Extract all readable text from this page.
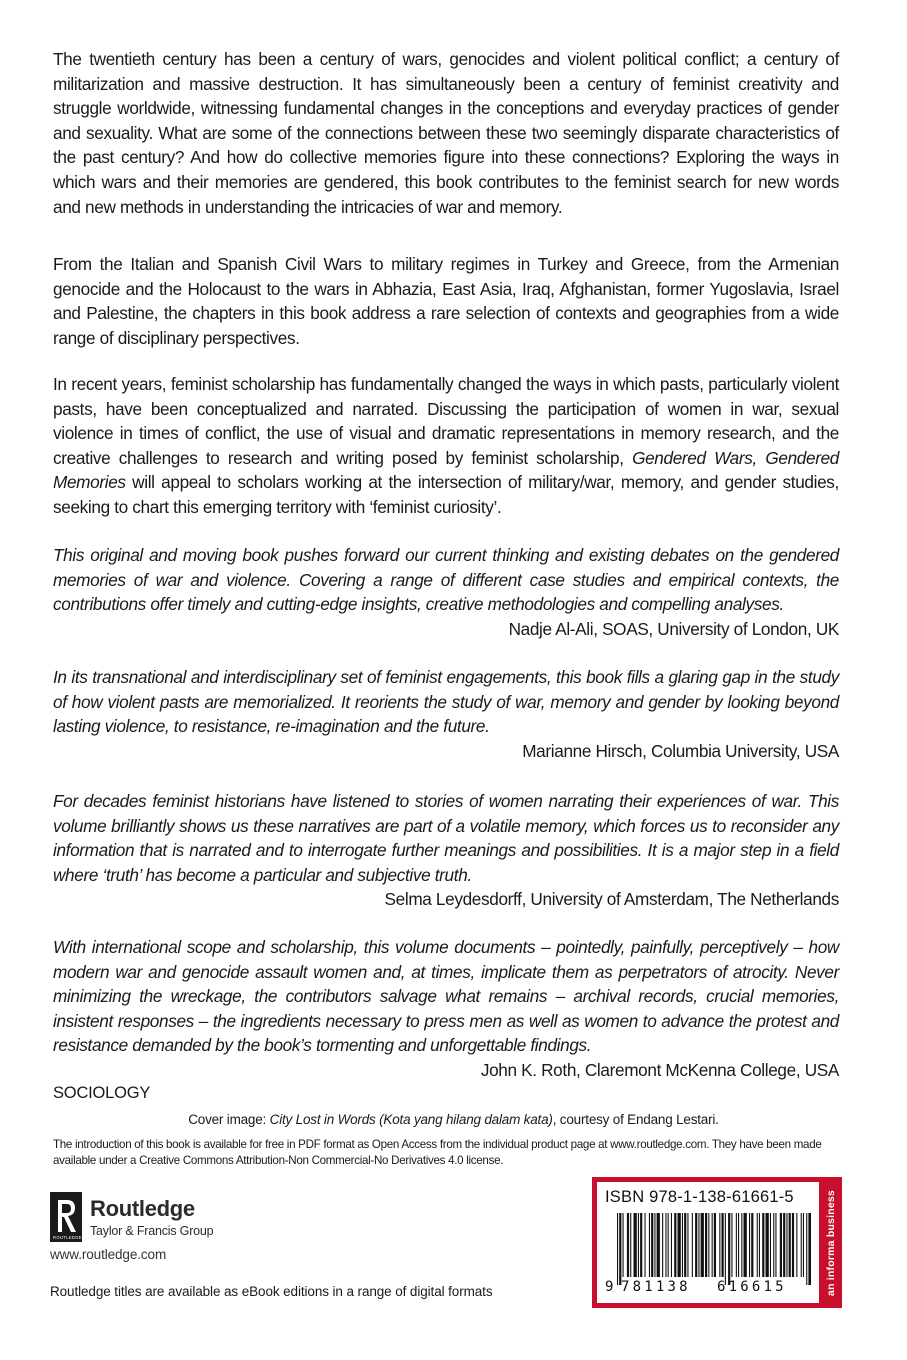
The twentieth century has been a century of wars, genocides and violent political conflict; a century of militarization and massive destruction. It has simultaneously been a century of feminist creativity and struggle worldwide, witnessing fundamental changes in the conceptions and everyday practices of gender and sexuality. What are some of the connections between these two seemingly disparate characteristics of the past century? And how do collective memories figure into these connections? Exploring the ways in which wars and their memories are gendered, this book contributes to the feminist search for new words and new methods in understanding the intricacies of war and memory.

From the Italian and Spanish Civil Wars to military regimes in Turkey and Greece, from the Armenian genocide and the Holocaust to the wars in Abhazia, East Asia, Iraq, Afghanistan, former Yugoslavia, Israel and Palestine, the chapters in this book address a rare selection of contexts and geographies from a wide range of disciplinary perspectives.

In recent years, feminist scholarship has fundamentally changed the ways in which pasts, particularly violent pasts, have been conceptualized and narrated. Discussing the participation of women in war, sexual violence in times of conflict, the use of visual and dramatic representations in memory research, and the creative challenges to research and writing posed by feminist scholarship, Gendered Wars, Gendered Memories will appeal to scholars working at the intersection of military/war, memory, and gender studies, seeking to chart this emerging territory with ‘feminist curiosity’.

This original and moving book pushes forward our current thinking and existing debates on the gendered memories of war and violence. Covering a range of different case studies and empirical contexts, the contributions offer timely and cutting-edge insights, creative methodologies and compelling analyses.

Nadje Al-Ali, SOAS, University of London, UK

In its transnational and interdisciplinary set of feminist engagements, this book fills a glaring gap in the study of how violent pasts are memorialized. It reorients the study of war, memory and gender by looking beyond lasting violence, to resistance, re-imagination and the future.

Marianne Hirsch, Columbia University, USA

For decades feminist historians have listened to stories of women narrating their experiences of war. This volume brilliantly shows us these narratives are part of a volatile memory, which forces us to reconsider any information that is narrated and to interrogate further meanings and possibilities. It is a major step in a field where ‘truth’ has become a particular and subjective truth.

Selma Leydesdorff, University of Amsterdam, The Netherlands

With international scope and scholarship, this volume documents – pointedly, painfully, perceptively – how modern war and genocide assault women and, at times, implicate them as perpetrators of atrocity. Never minimizing the wreckage, the contributors salvage what remains – archival records, crucial memories, insistent responses – the ingredients necessary to press men as well as women to advance the protest and resistance demanded by the book’s tormenting and unforgettable findings.

John K. Roth, Claremont McKenna College, USA

SOCIOLOGY

Cover image: City Lost in Words (Kota yang hilang dalam kata), courtesy of Endang Lestari.

The introduction of this book is available for free in PDF format as Open Access from the individual product page at www.routledge.com. They have been made available under a Creative Commons Attribution-Non Commercial-No Derivatives 4.0 license.

ROUTLEDGE
Routledge
Taylor & Francis Group

www.routledge.com

Routledge titles are available as eBook editions in a range of digital formats

ISBN 978-1-138-61661-5
9 781138 616615	an informa business
